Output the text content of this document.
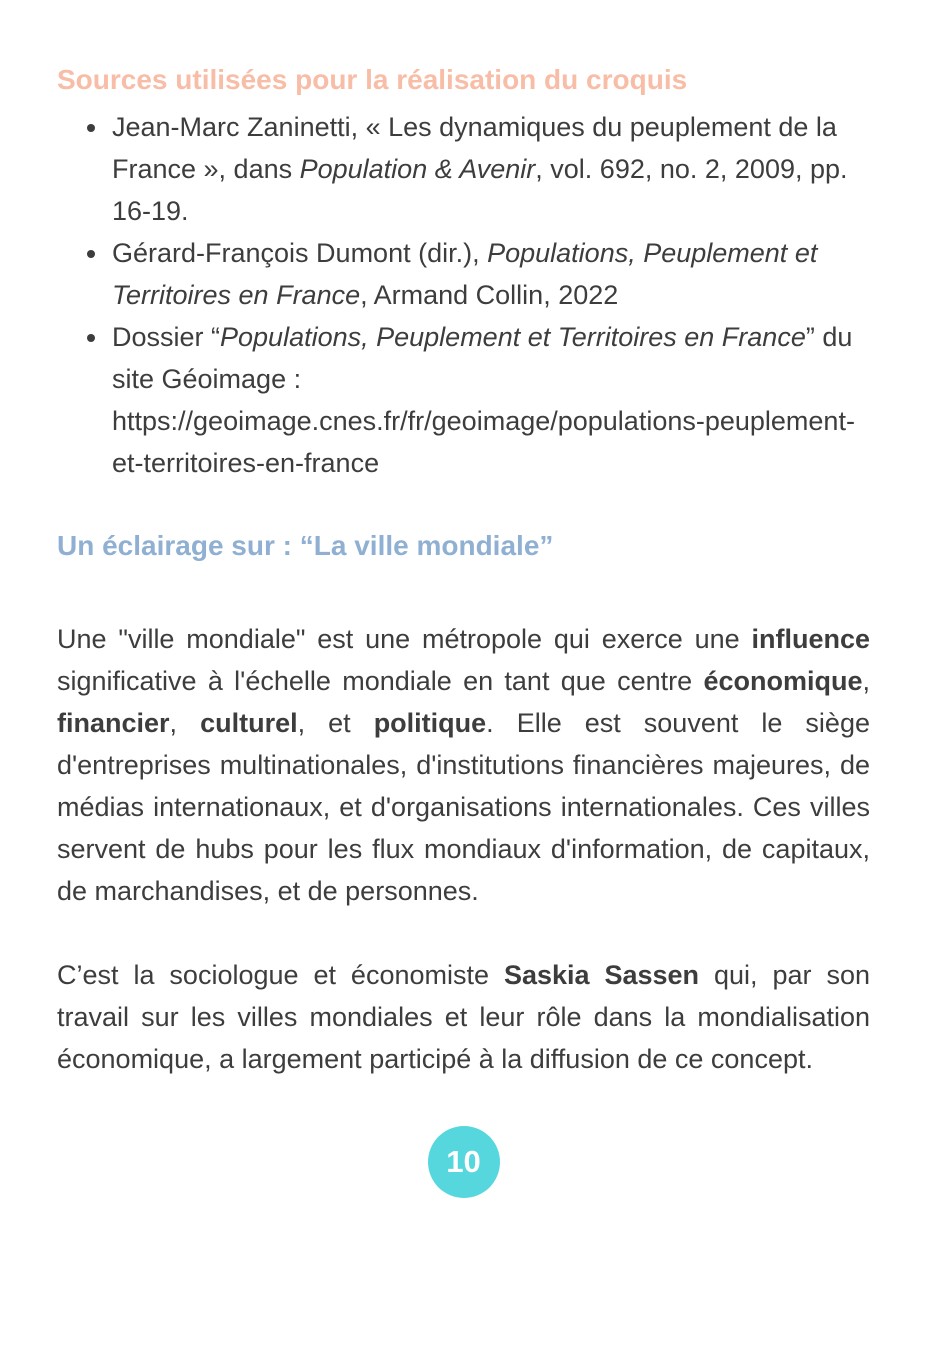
Sources utilisées pour la réalisation du croquis
• Jean-Marc Zaninetti, « Les dynamiques du peuplement de la France », dans Population & Avenir, vol. 692, no. 2, 2009, pp. 16-19.
• Gérard-François Dumont (dir.), Populations, Peuplement et Territoires en France, Armand Collin, 2022
• Dossier “Populations, Peuplement et Territoires en France” du site Géoimage :
https://geoimage.cnes.fr/fr/geoimage/populations-peuplement-et-territoires-en-france
Un éclairage sur : “La ville mondiale”

Une "ville mondiale" est une métropole qui exerce une influence significative à l'échelle mondiale en tant que centre économique, financier, culturel, et politique. Elle est souvent le siège d'entreprises multinationales, d'institutions financières majeures, de médias internationaux, et d'organisations internationales. Ces villes servent de hubs pour les flux mondiaux d'information, de capitaux, de marchandises, et de personnes.

C’est la sociologue et économiste Saskia Sassen qui, par son travail sur les villes mondiales et leur rôle dans la mondialisation économique, a largement participé à la diffusion de ce concept.

10
